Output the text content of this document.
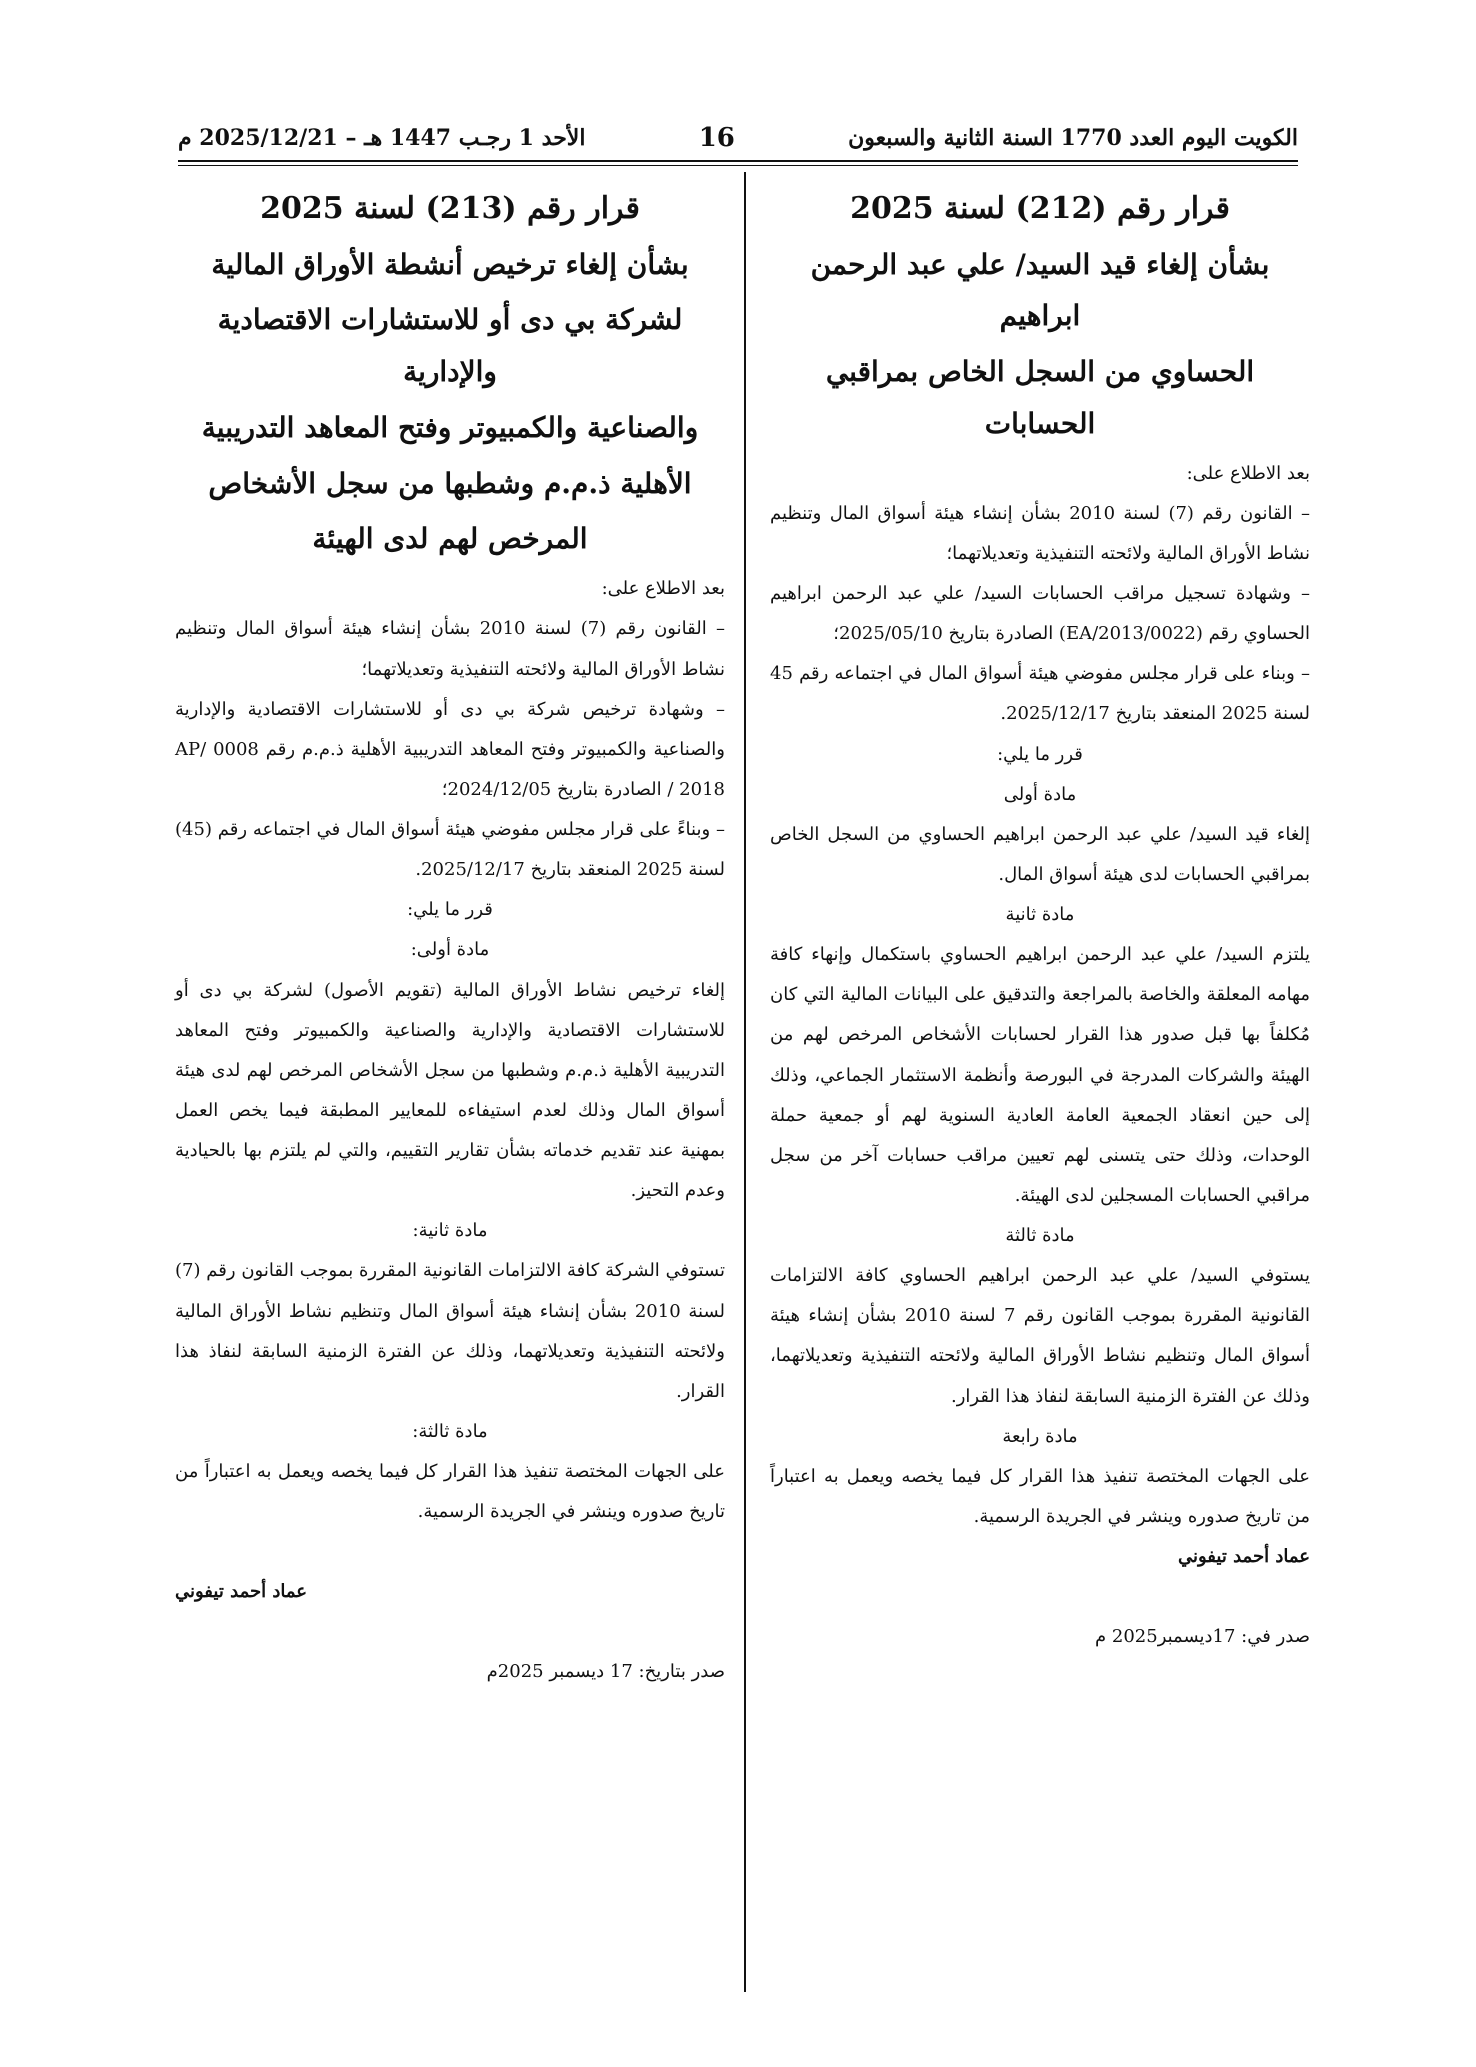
الأحد 1 رجـب 1447 هـ – 2025/12/21 م	16	الكويت اليوم العدد 1770 السنة الثانية والسبعون

قرار رقم (212) لسنة 2025

بشأن إلغاء قيد السيد/ علي عبد الرحمن ابراهيم

الحساوي من السجل الخاص بمراقبي الحسابات

بعد الاطلاع على:

– القانون رقم (7) لسنة 2010 بشأن إنشاء هيئة أسواق المال وتنظيم نشاط الأوراق المالية ولائحته التنفيذية وتعديلاتهما؛

– وشهادة تسجيل مراقب الحسابات السيد/ علي عبد الرحمن ابراهيم الحساوي رقم (EA/2013/0022) الصادرة بتاريخ 2025/05/10؛

– وبناء على قرار مجلس مفوضي هيئة أسواق المال في اجتماعه رقم 45 لسنة 2025 المنعقد بتاريخ 2025/12/17.

قرر ما يلي:

مادة أولى

إلغاء قيد السيد/ علي عبد الرحمن ابراهيم الحساوي من السجل الخاص بمراقبي الحسابات لدى هيئة أسواق المال.

مادة ثانية

يلتزم السيد/ علي عبد الرحمن ابراهيم الحساوي باستكمال وإنهاء كافة مهامه المعلقة والخاصة بالمراجعة والتدقيق على البيانات المالية التي كان مُكلفاً بها قبل صدور هذا القرار لحسابات الأشخاص المرخص لهم من الهيئة والشركات المدرجة في البورصة وأنظمة الاستثمار الجماعي، وذلك إلى حين انعقاد الجمعية العامة العادية السنوية لهم أو جمعية حملة الوحدات، وذلك حتى يتسنى لهم تعيين مراقب حسابات آخر من سجل مراقبي الحسابات المسجلين لدى الهيئة.

مادة ثالثة

يستوفي السيد/ علي عبد الرحمن ابراهيم الحساوي كافة الالتزامات القانونية المقررة بموجب القانون رقم 7 لسنة 2010 بشأن إنشاء هيئة أسواق المال وتنظيم نشاط الأوراق المالية ولائحته التنفيذية وتعديلاتهما، وذلك عن الفترة الزمنية السابقة لنفاذ هذا القرار.

مادة رابعة

على الجهات المختصة تنفيذ هذا القرار كل فيما يخصه ويعمل به اعتباراً من تاريخ صدوره وينشر في الجريدة الرسمية.

عماد أحمد تيفوني

صدر في: 17ديسمبر2025 م

قرار رقم (213) لسنة 2025

بشأن إلغاء ترخيص أنشطة الأوراق المالية

لشركة بي دى أو للاستشارات الاقتصادية والإدارية

والصناعية والكمبيوتر وفتح المعاهد التدريبية

الأهلية ذ.م.م وشطبها من سجل الأشخاص

المرخص لهم لدى الهيئة

بعد الاطلاع على:

– القانون رقم (7) لسنة 2010 بشأن إنشاء هيئة أسواق المال وتنظيم نشاط الأوراق المالية ولائحته التنفيذية وتعديلاتهما؛

– وشهادة ترخيص شركة بي دى أو للاستشارات الاقتصادية والإدارية والصناعية والكمبيوتر وفتح المعاهد التدريبية الأهلية ذ.م.م رقم AP/ 0008 / 2018 الصادرة بتاريخ 2024/12/05؛

– وبناءً على قرار مجلس مفوضي هيئة أسواق المال في اجتماعه رقم (45) لسنة 2025 المنعقد بتاريخ 2025/12/17.

قرر ما يلي:

مادة أولى:

إلغاء ترخيص نشاط الأوراق المالية (تقويم الأصول) لشركة بي دى أو للاستشارات الاقتصادية والإدارية والصناعية والكمبيوتر وفتح المعاهد التدريبية الأهلية ذ.م.م وشطبها من سجل الأشخاص المرخص لهم لدى هيئة أسواق المال وذلك لعدم استيفاءه للمعايير المطبقة فيما يخص العمل بمهنية عند تقديم خدماته بشأن تقارير التقييم، والتي لم يلتزم بها بالحيادية وعدم التحيز.

مادة ثانية:

تستوفي الشركة كافة الالتزامات القانونية المقررة بموجب القانون رقم (7) لسنة 2010 بشأن إنشاء هيئة أسواق المال وتنظيم نشاط الأوراق المالية ولائحته التنفيذية وتعديلاتهما، وذلك عن الفترة الزمنية السابقة لنفاذ هذا القرار.

مادة ثالثة:

على الجهات المختصة تنفيذ هذا القرار كل فيما يخصه ويعمل به اعتباراً من تاريخ صدوره وينشر في الجريدة الرسمية.

عماد أحمد تيفوني

صدر بتاريخ: 17 ديسمبر 2025م
